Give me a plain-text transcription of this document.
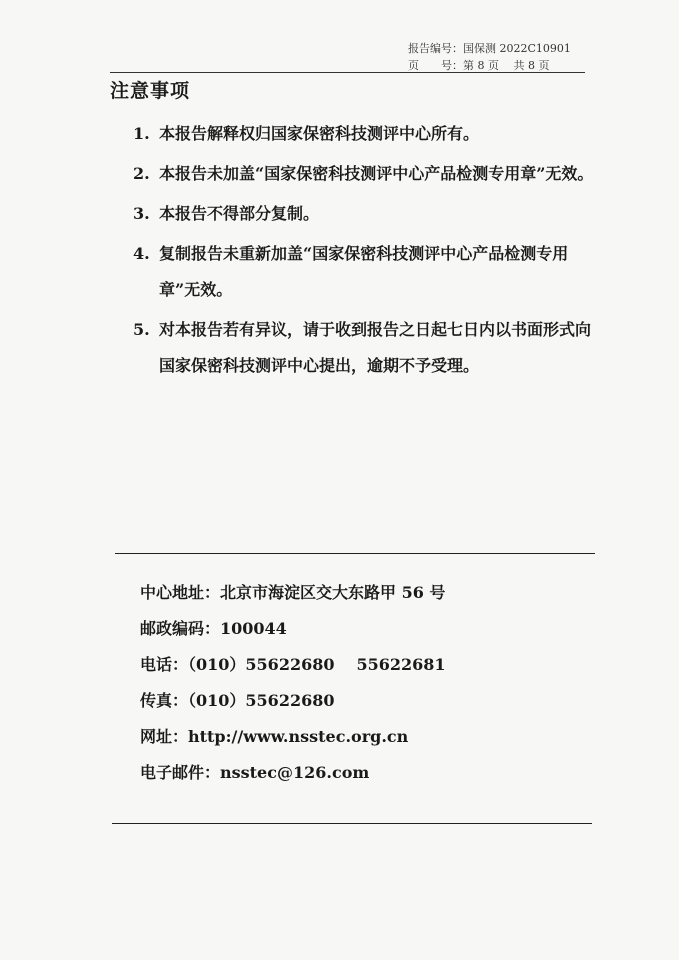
报告编号：国保测 2022C10901
页　　号：第 8 页　 共 8 页
注意事项
1. 本报告解释权归国家保密科技测评中心所有。
2. 本报告未加盖“国家保密科技测评中心产品检测专用章”无效。
3. 本报告不得部分复制。
4. 复制报告未重新加盖“国家保密科技测评中心产品检测专用章”无效。
5. 对本报告若有异议，请于收到报告之日起七日内以书面形式向国家保密科技测评中心提出，逾期不予受理。
中心地址：北京市海淀区交大东路甲 56 号
邮政编码：100044
电话：（010）55622680 55622681
传真：（010）55622680
网址：http://www.nsstec.org.cn
电子邮件：nsstec@126.com
